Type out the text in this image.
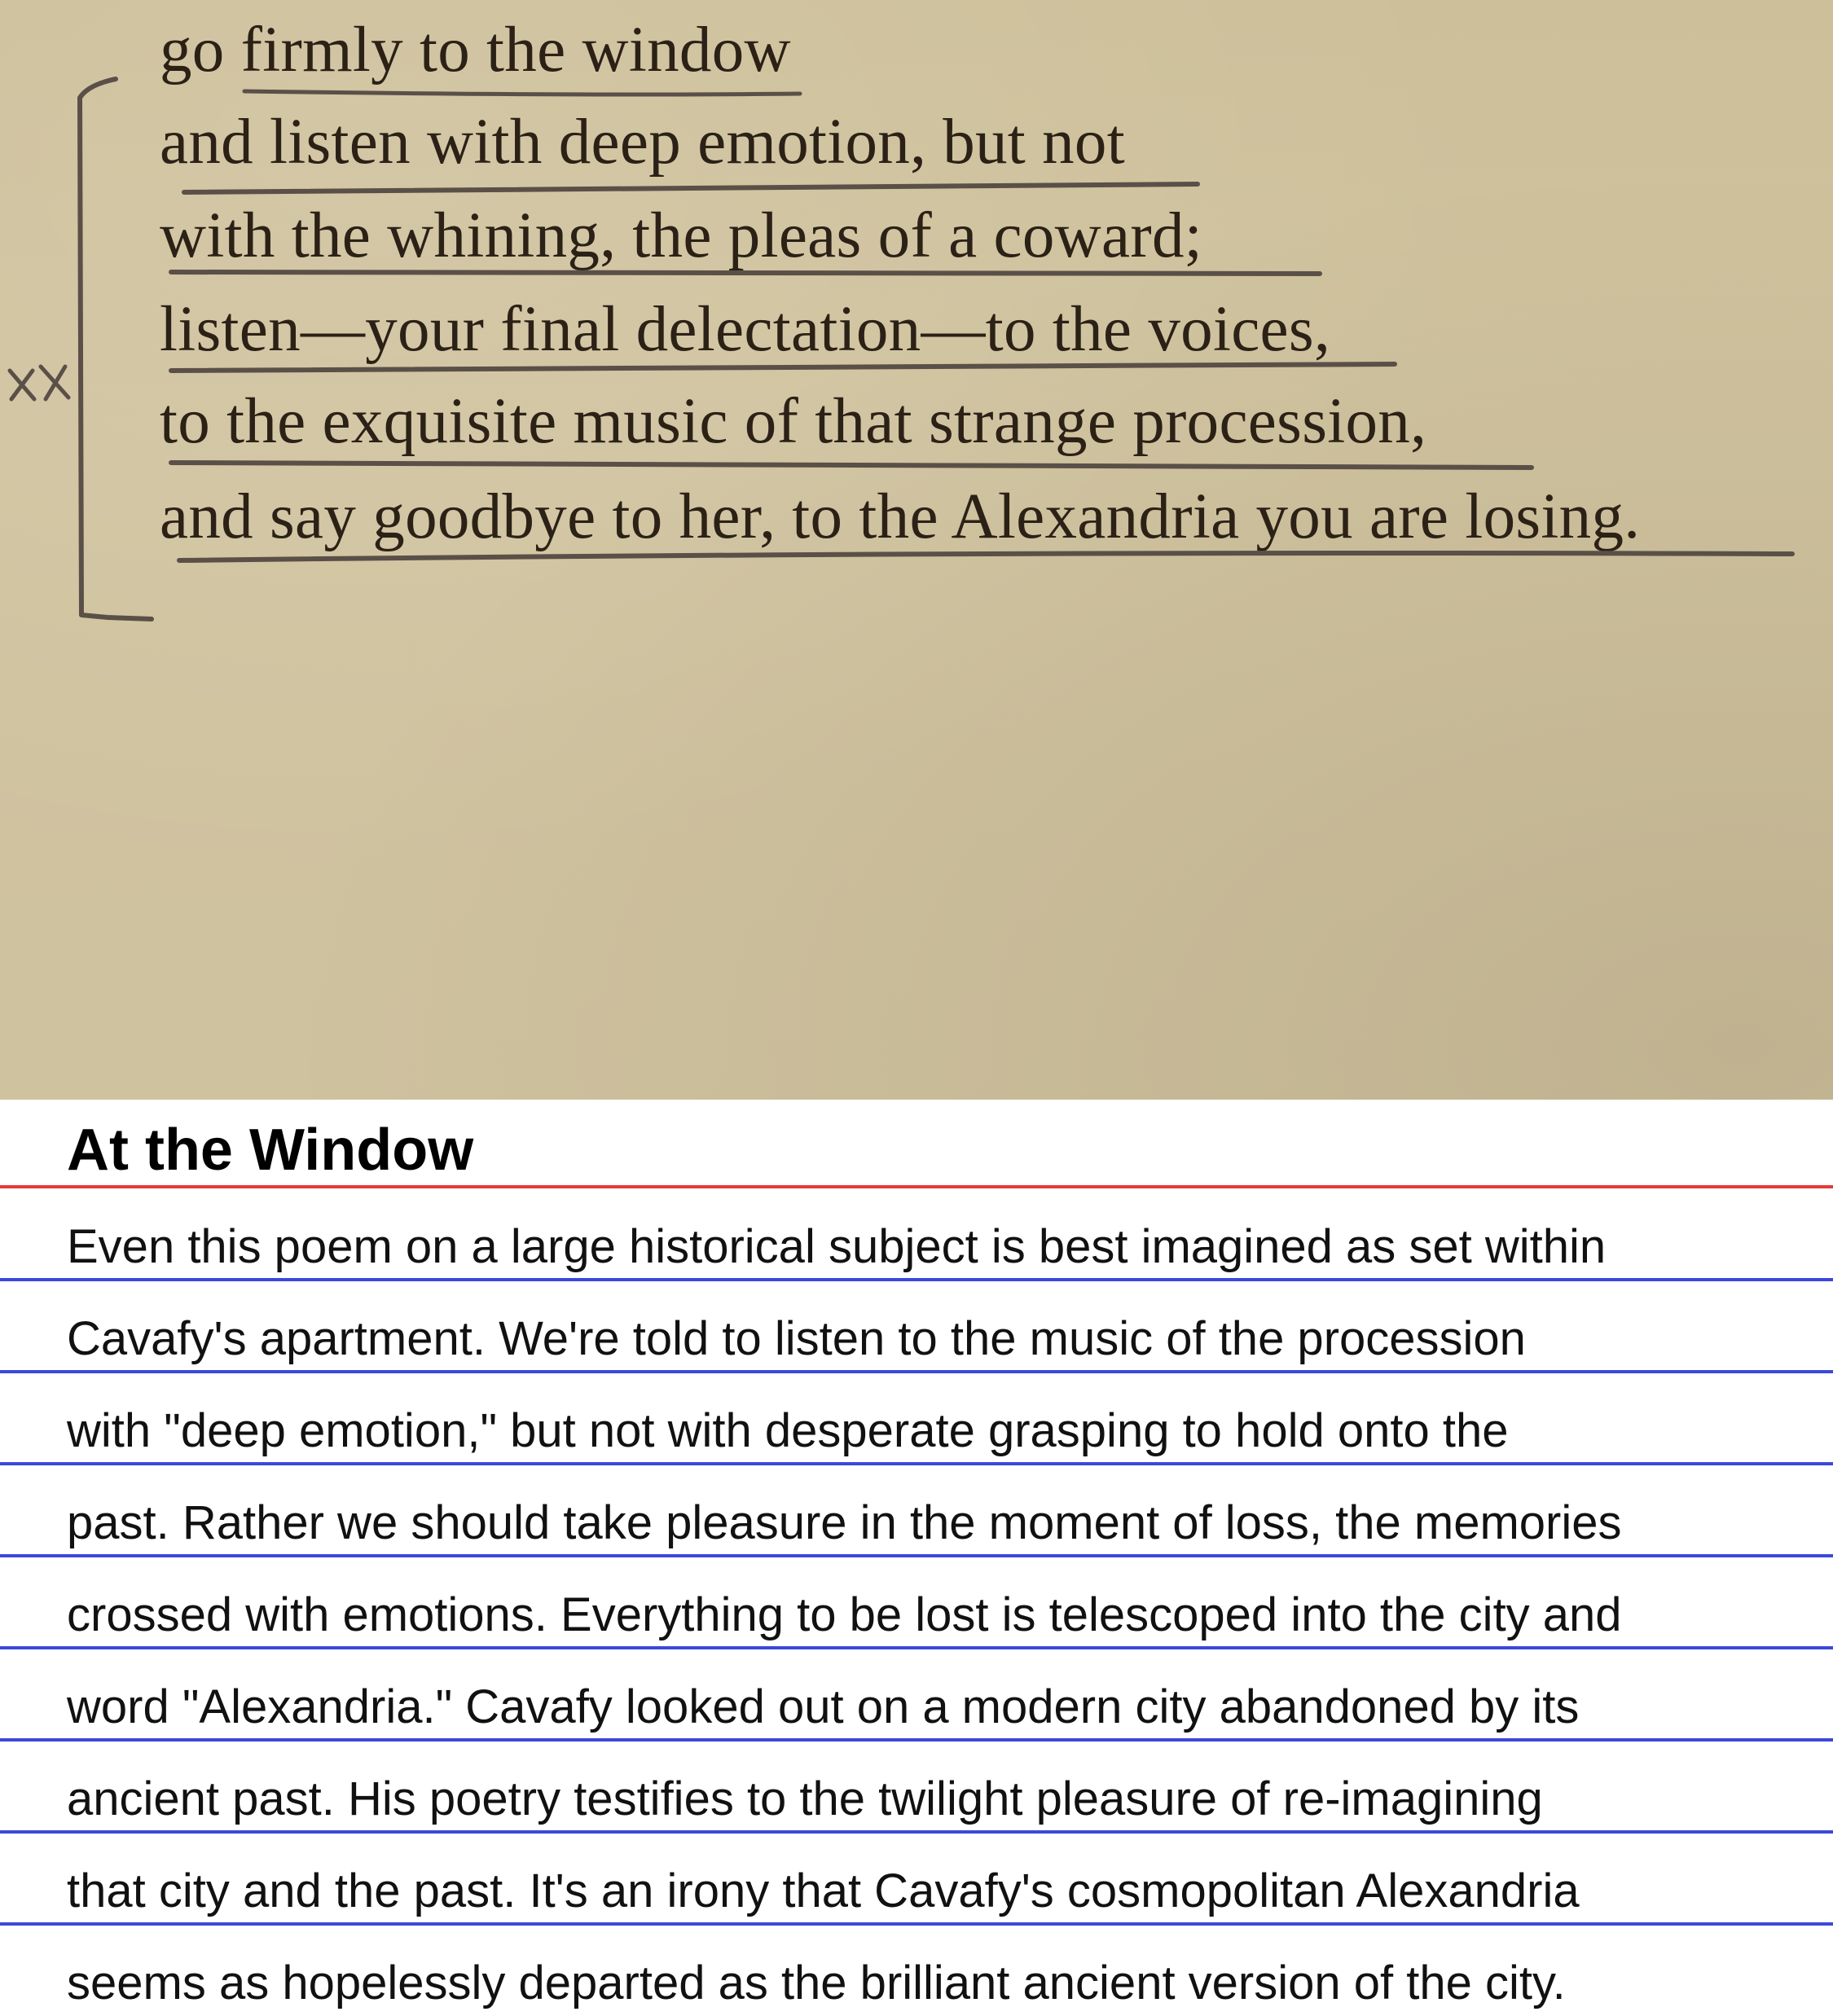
go firmly to the window
and listen with deep emotion, but not
with the whining, the pleas of a coward;
listen—your final delectation—to the voices,
to the exquisite music of that strange procession,
and say goodbye to her, to the Alexandria you are losing.
At the Window
Even this poem on a large historical subject is best imagined as set within
Cavafy's apartment. We're told to listen to the music of the procession
with "deep emotion," but not with desperate grasping to hold onto the
past. Rather we should take pleasure in the moment of loss, the memories
crossed with emotions. Everything to be lost is telescoped into the city and
word "Alexandria." Cavafy looked out on a modern city abandoned by its
ancient past. His poetry testifies to the twilight pleasure of re-imagining
that city and the past. It's an irony that Cavafy's cosmopolitan Alexandria
seems as hopelessly departed as the brilliant ancient version of the city.
